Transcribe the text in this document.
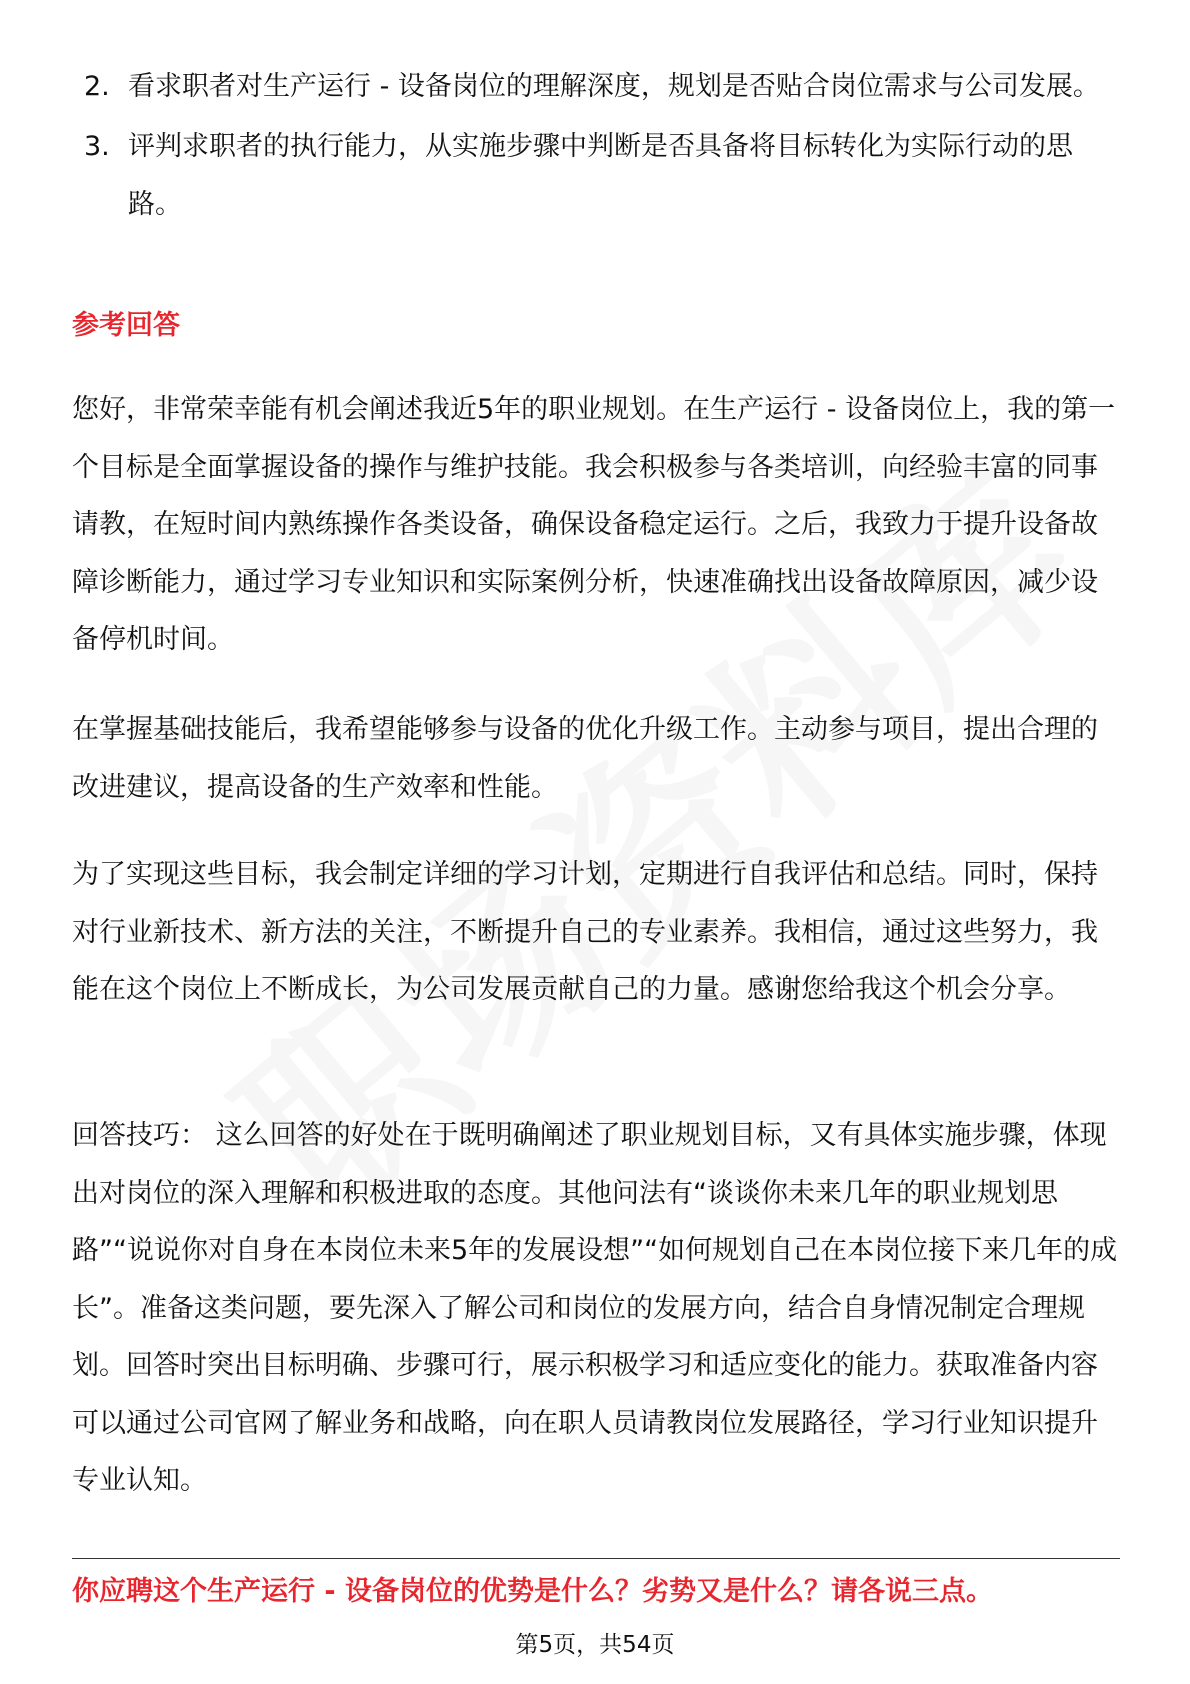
2. 看求职者对生产运行 - 设备岗位的理解深度，规划是否贴合岗位需求与公司发展。
3. 评判求职者的执行能力，从实施步骤中判断是否具备将目标转化为实际行动的思路。
参考回答

您好，非常荣幸能有机会阐述我近5年的职业规划。在生产运行 - 设备岗位上，我的第一个目标是全面掌握设备的操作与维护技能。我会积极参与各类培训，向经验丰富的同事请教，在短时间内熟练操作各类设备，确保设备稳定运行。之后，我致力于提升设备故障诊断能力，通过学习专业知识和实际案例分析，快速准确找出设备故障原因，减少设备停机时间。

在掌握基础技能后，我希望能够参与设备的优化升级工作。主动参与项目，提出合理的改进建议，提高设备的生产效率和性能。

为了实现这些目标，我会制定详细的学习计划，定期进行自我评估和总结。同时，保持对行业新技术、新方法的关注，不断提升自己的专业素养。我相信，通过这些努力，我能在这个岗位上不断成长，为公司发展贡献自己的力量。感谢您给我这个机会分享。

回答技巧： 这么回答的好处在于既明确阐述了职业规划目标，又有具体实施步骤，体现出对岗位的深入理解和积极进取的态度。其他问法有“谈谈你未来几年的职业规划思路”“说说你对自身在本岗位未来5年的发展设想”“如何规划自己在本岗位接下来几年的成长”。准备这类问题，要先深入了解公司和岗位的发展方向，结合自身情况制定合理规划。回答时突出目标明确、步骤可行，展示积极学习和适应变化的能力。获取准备内容可以通过公司官网了解业务和战略，向在职人员请教岗位发展路径，学习行业知识提升专业认知。

你应聘这个生产运行 - 设备岗位的优势是什么？劣势又是什么？请各说三点。
第5页，共54页
